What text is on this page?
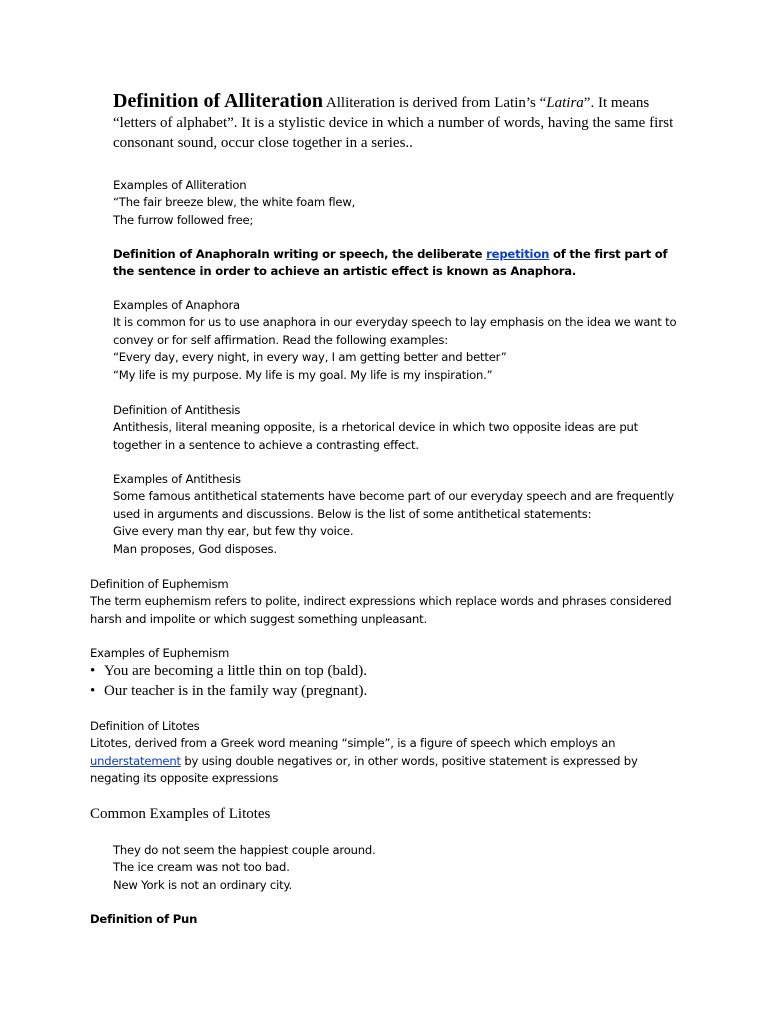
Definition of Alliteration Alliteration is derived from Latin’s “Latira”. It means “letters of alphabet”. It is a stylistic device in which a number of words, having the same first consonant sound, occur close together in a series..

Examples of Alliteration
“The fair breeze blew, the white foam flew,
The furrow followed free;

Definition of AnaphoraIn writing or speech, the deliberate repetition of the first part of the sentence in order to achieve an artistic effect is known as Anaphora.

Examples of Anaphora
It is common for us to use anaphora in our everyday speech to lay emphasis on the idea we want to convey or for self affirmation. Read the following examples:
“Every day, every night, in every way, I am getting better and better”
“My life is my purpose. My life is my goal. My life is my inspiration.”
Definition of Antithesis
Antithesis, literal meaning opposite, is a rhetorical device in which two opposite ideas are put together in a sentence to achieve a contrasting effect.
Examples of Antithesis
Some famous antithetical statements have become part of our everyday speech and are frequently used in arguments and discussions. Below is the list of some antithetical statements:
Give every man thy ear, but few thy voice.
Man proposes, God disposes.
Definition of Euphemism
The term euphemism refers to polite, indirect expressions which replace words and phrases considered harsh and impolite or which suggest something unpleasant.
Examples of Euphemism
• You are becoming a little thin on top (bald).
• Our teacher is in the family way (pregnant).
Definition of Litotes
Litotes, derived from a Greek word meaning “simple”, is a figure of speech which employs an understatement by using double negatives or, in other words, positive statement is expressed by negating its opposite expressions
Common Examples of Litotes
They do not seem the happiest couple around.
The ice cream was not too bad.
New York is not an ordinary city.
Definition of Pun
